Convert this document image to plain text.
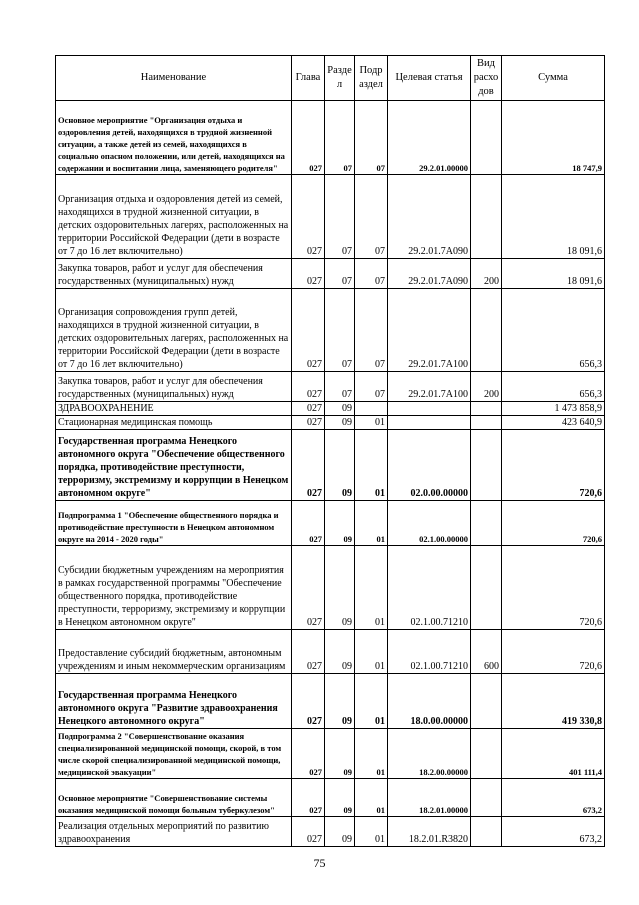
Наименование	Глава	Разде л	Подр аздел	Целевая статья	Вид расхо дов	Сумма
Основное мероприятие "Организация отдыха и оздоровления детей, находящихся в трудной жизненной ситуации, а также детей из семей, находящихся в социально опасном положении, или детей, находящихся на содержании и воспитании лица, заменяющего родителя"	027	07	07	29.2.01.00000		18 747,9
Организация отдыха и оздоровления детей из семей, находящихся в трудной жизненной ситуации, в детских оздоровительных лагерях, расположенных на территории Российской Федерации (дети в возрасте от 7 до 16 лет включительно)	027	07	07	29.2.01.7А090		18 091,6
Закупка товаров, работ и услуг для обеспечения государственных (муниципальных) нужд	027	07	07	29.2.01.7А090	200	18 091,6
Организация сопровождения групп детей, находящихся в трудной жизненной ситуации, в детских оздоровительных лагерях, расположенных на территории Российской Федерации (дети в возрасте от 7 до 16 лет включительно)	027	07	07	29.2.01.7А100		656,3
Закупка товаров, работ и услуг для обеспечения государственных (муниципальных) нужд	027	07	07	29.2.01.7А100	200	656,3
ЗДРАВООХРАНЕНИЕ	027	09				1 473 858,9
Стационарная медицинская помощь	027	09	01			423 640,9
Государственная программа Ненецкого автономного округа "Обеспечение общественного порядка, противодействие преступности, терроризму, экстремизму и коррупции в Ненецком автономном округе"	027	09	01	02.0.00.00000		720,6
Подпрограмма 1 "Обеспечение общественного порядка и противодействие преступности в Ненецком автономном округе на 2014 - 2020 годы"	027	09	01	02.1.00.00000		720,6
Субсидии бюджетным учреждениям на мероприятия в рамках государственной программы "Обеспечение общественного порядка, противодействие преступности, терроризму, экстремизму и коррупции в Ненецком автономном округе"	027	09	01	02.1.00.71210		720,6
Предоставление субсидий бюджетным, автономным учреждениям и иным некоммерческим организациям	027	09	01	02.1.00.71210	600	720,6
Государственная программа Ненецкого автономного округа "Развитие здравоохранения Ненецкого автономного округа"	027	09	01	18.0.00.00000		419 330,8
Подпрограмма 2 "Совершенствование оказания специализированной медицинской помощи, скорой, в том числе скорой специализированной медицинской помощи, медицинской эвакуации"	027	09	01	18.2.00.00000		401 111,4
Основное мероприятие "Совершенствование системы оказания медицинской помощи больным туберкулезом"	027	09	01	18.2.01.00000		673,2
Реализация отдельных мероприятий по развитию здравоохранения	027	09	01	18.2.01.R3820		673,2
75
